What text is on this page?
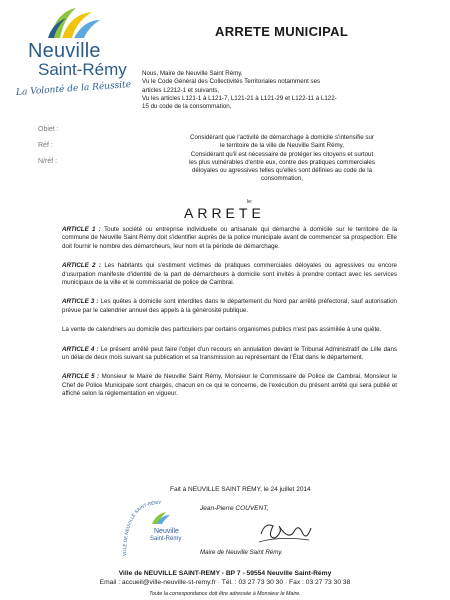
Neuville
Saint-Rémy
La Volonté de la Réussite
ARRETE MUNICIPAL
Obiet :
Réf :
N/réf :
Nous, Maire de Neuville Saint Rémy,
Vu le Code Général des Collectivités Territoriales notamment ses
articles L2212-1 et suivants,
Vu les articles L121-1 à L121-7, L121-21 à L121-29 et L122-11 à L122-
15 du code de la consommation,
Considérant que l'activité de démarchage à domicile s'intensifie sur
le territoire de la ville de Neuville Saint Rémy,
Considérant qu'il est nécessaire de protéger les citoyens et surtout
les plus vulnérables d'entre eux, contre des pratiques commerciales
déloyales ou agressives telles qu'elles sont définies au code de la
consommation,
le:
ARRETE

ARTICLE 1 : Toute société ou entreprise individuelle ou artisanale qui démarche à domicile sur le territoire de la commune de Neuville Saint Rémy doit s'identifier auprès de la police municipale avant de commencer sa prospection. Elle doit fournir le nombre des démarcheurs, leur nom et la période de démarchage.

ARTICLE 2 : Les habitants qui s'estiment victimes de pratiques commerciales déloyales ou agressives ou encore d'usurpation manifeste d'identité de la part de démarcheurs à domicile sont invités à prendre contact avec les services municipaux de la ville et le commissariat de police de Cambrai.

ARTICLE 3 : Les quêtes à domicile sont interdites dans le département du Nord par arrêté préfectoral, sauf autorisation prévue par le calendrier annuel des appels à la générosité publique.

La vente de calendriers au domicile des particuliers par certains organismes publics n'est pas assimilée à une quête.

ARTICLE 4 : Le présent arrêté peut faire l'objet d'un recours en annulation devant le Tribunal Administratif de Lille dans un délai de deux mois suivant sa publication et sa transmission au représentant de l'État dans le département.

ARTICLE 5 : Monsieur le Maire de Neuville Saint Rémy, Monsieur le Commissaire de Police de Cambrai, Monsieur le Chef de Police Municipale sont chargés, chacun en ce qui le concerne, de l'exécution du présent arrêté qui sera publié et affiché selon la réglementation en vigueur.

Fait à NEUVILLE SAINT REMY, le 24 juillet 2014
VILLE DE NEUVILLE SAINT-RÉMY
Neuville
Saint-Rémy
Jean-Pierre COUVENT,
Maire de Neuville Saint Rémy.
Ville de NEUVILLE SAINT-REMY - BP 7 - 59554 Neuville Saint-Rémy
Email : accueil@ville-neuville-st-remy.fr · Tél. : 03 27 73 30 30 · Fax : 03 27 73 30 38
Toute la correspondance doit être adressée à Monsieur le Maire.
